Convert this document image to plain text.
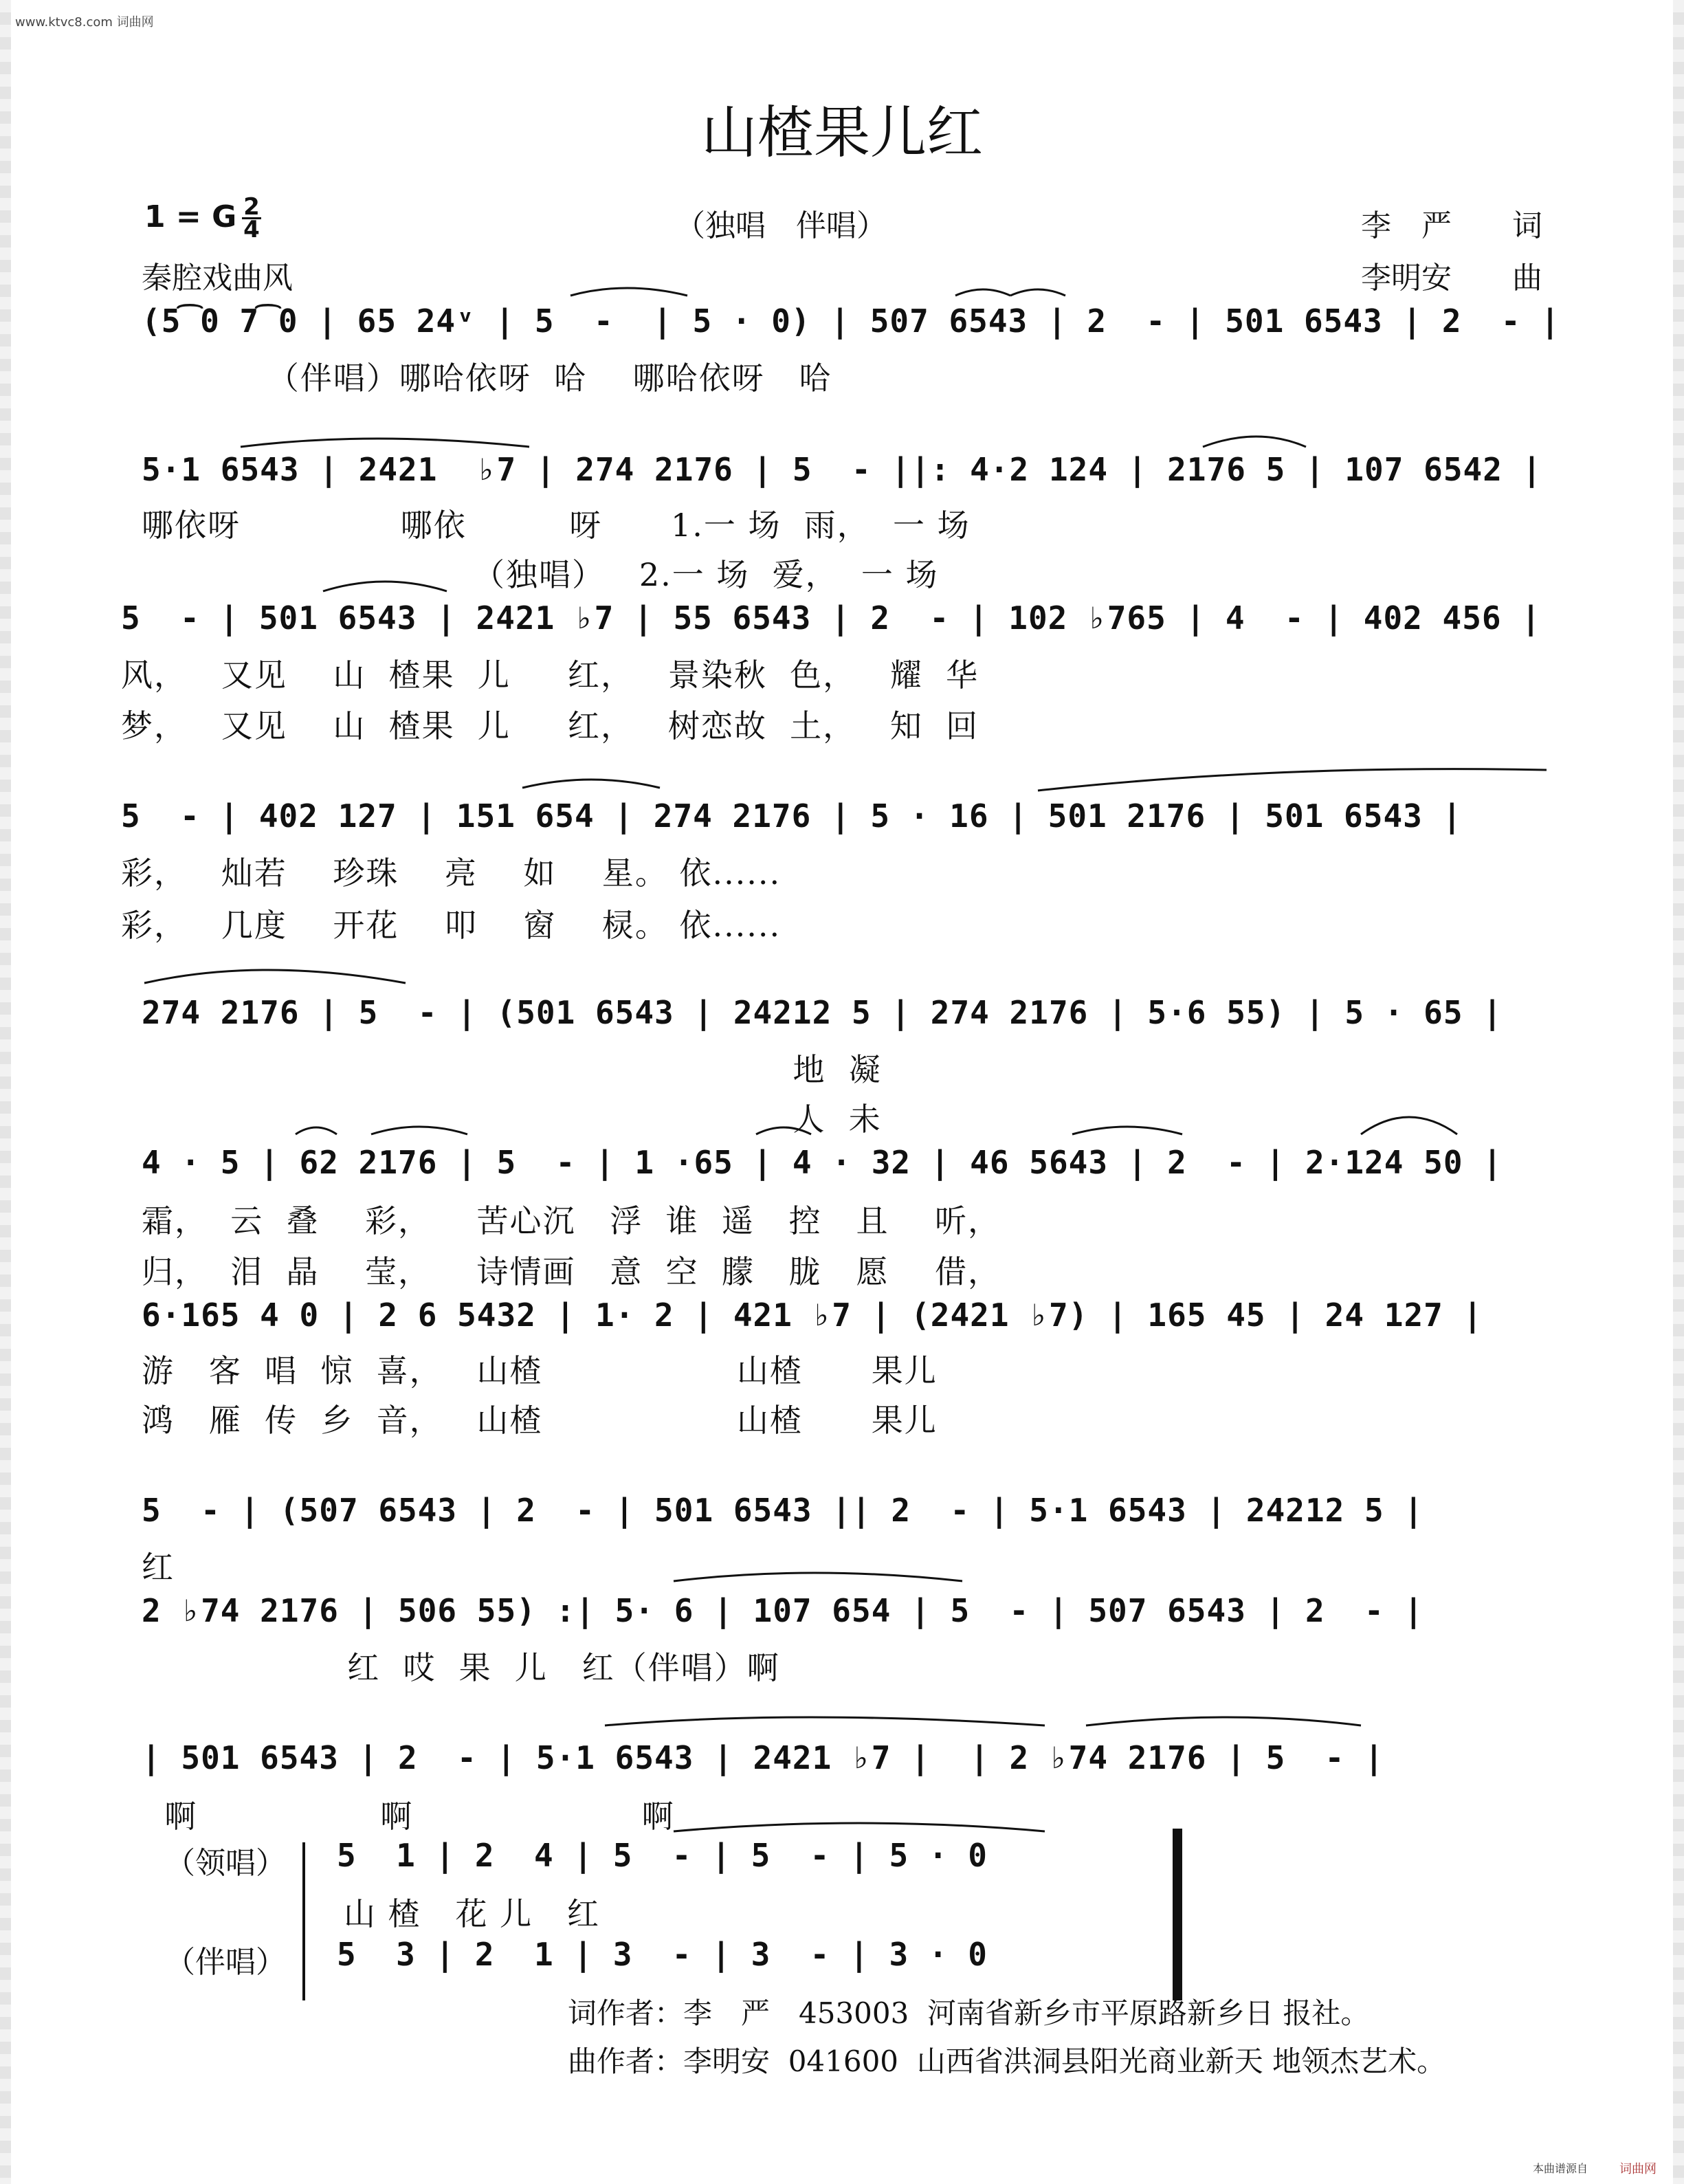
www.ktvc8.com 词曲网
山楂果儿红
1 = G $\frac{2}{4}$	（独唱　伴唱）	李　严　　词
秦腔戏曲风	李明安　　曲
(5͡0 7͡0 | 65 24ᵛ | 5  -  | 5 · 0) | 507 6543 | 2  - | 501 6543 | 2  - |
（伴唱）哪哈依呀  哈    哪哈依呀   哈
5·1 6543 | 2421  ♭7 | 274 2176 | 5  - ||: 4·2 124 | 2176 5 | 107 6542 |
哪依呀              哪依         呀      1.一 场  雨，  一 场
（独唱）   2.一 场  爱，  一 场
5  - | 501 6543 | 2421 ♭7 | 55 6543 | 2  - | 102 ♭765 | 4  - | 402 456 |
风，   又见    山  楂果  儿     红，   景染秋  色，   耀  华
梦，   又见    山  楂果  儿     红，   树恋故  土，   知  回
5  - | 402 127 | 151 654 | 274 2176 | 5 · 16 | 501 2176 | 501 6543 |
彩，   灿若    珍珠    亮    如    星。 依......
彩，   几度    开花    叩    窗    棂。 依......
274 2176 | 5  - | (501 6543 | 24212 5 | 274 2176 | 5·6 55) | 5 · 65 |
地  凝
人  未
4 · 5 | 62 2176 | 5  - | 1 ·65 | 4 · 32 | 46 5643 | 2  - | 2·124 50 |
霜，  云  叠    彩，    苦心沉   浮  谁  遥   控   且    听，
归，  泪  晶    莹，    诗情画   意  空  朦   胧   愿    借，
6·165 4 0 | 2 6 5432 | 1· 2 | 421 ♭7 | (2421 ♭7) | 165 45 | 24 127 |
游   客  唱  惊  喜，   山楂                 山楂      果儿
鸿   雁  传  乡  音，   山楂                 山楂      果儿
5  - | (507 6543 | 2  - | 501 6543 || 2  - | 5·1 6543 | 24212 5 |
红
2 ♭74 2176 | 506 55) :| 5· 6 | 107 654 | 5  - | 507 6543 | 2  - |
红  哎  果  儿   红（伴唱）啊
| 501 6543 | 2  - | 5·1 6543 | 2421 ♭7 |  | 2 ♭74 2176 | 5  - |
啊                啊                    啊
（领唱） 5  1 | 2  4 | 5  - | 5  - | 5 · 0
山 楂   花 儿   红
（伴唱） 5  3 | 2  1 | 3  - | 3  - | 3 · 0
词作者：李　严　453003  河南省新乡市平原路新乡日 报社。
曲作者：李明安  041600  山西省洪洞县阳光商业新天 地领杰艺术。
本曲谱源自	词曲网
